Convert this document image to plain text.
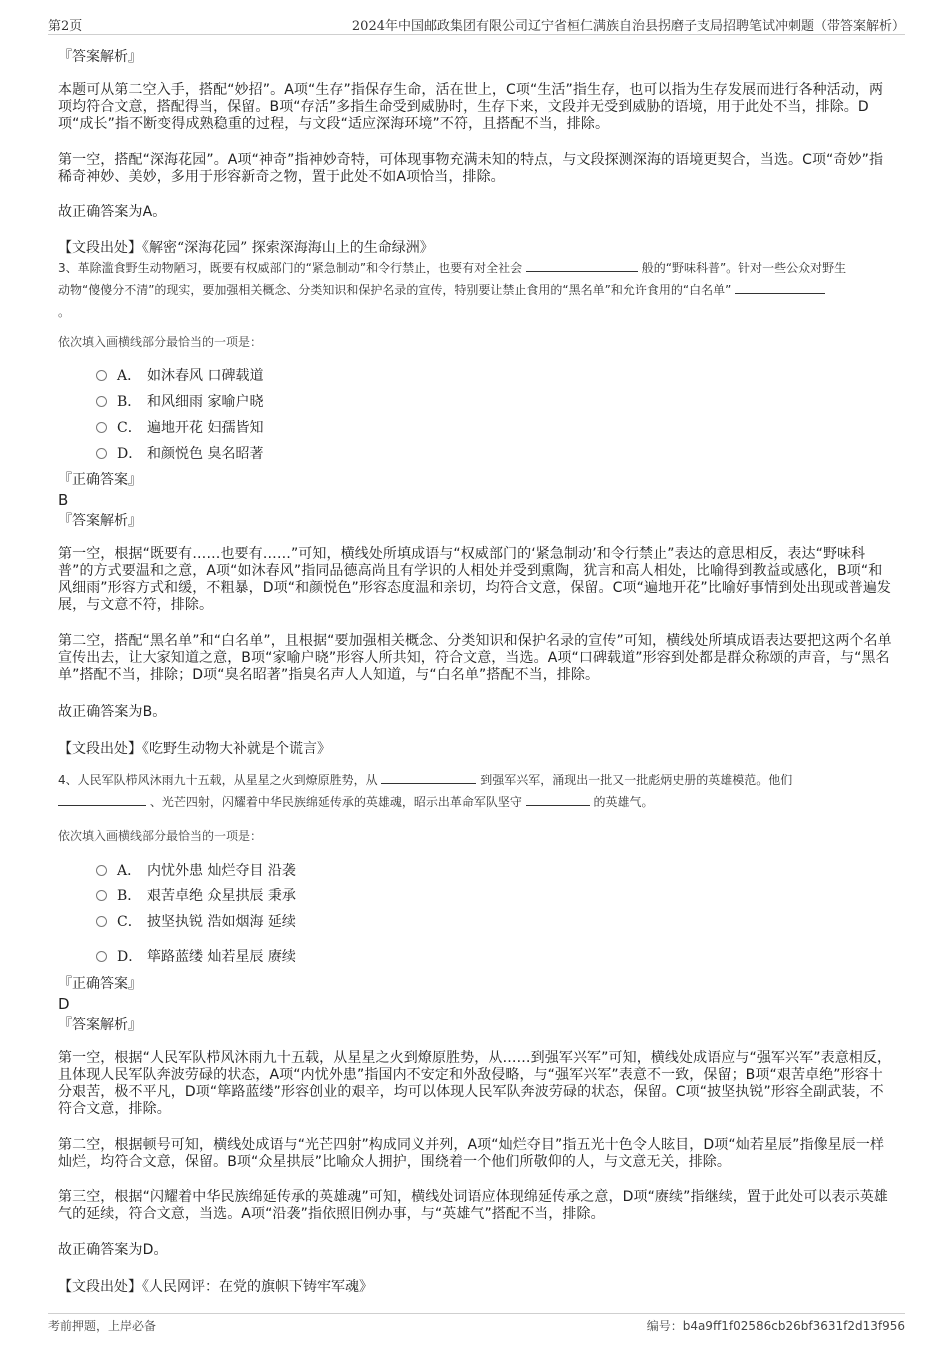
第2页	2024年中国邮政集团有限公司辽宁省桓仁满族自治县拐磨子支局招聘笔试冲刺题（带答案解析）
『答案解析』
本题可从第二空入手，搭配“妙招”。A项“生存”指保存生命，活在世上，C项“生活”指生存，也可以指为生存发展而进行各种活动，两项均符合文意，搭配得当，保留。B项“存活”多指生命受到威胁时，生存下来，文段并无受到威胁的语境，用于此处不当，排除。D项“成长”指不断变得成熟稳重的过程，与文段“适应深海环境”不符，且搭配不当，排除。
第一空，搭配“深海花园”。A项“神奇”指神妙奇特，可体现事物充满未知的特点，与文段探测深海的语境更契合，当选。C项“奇妙”指稀奇神妙、美妙，多用于形容新奇之物，置于此处不如A项恰当，排除。
故正确答案为A。
【文段出处】《解密“深海花园” 探索深海海山上的生命绿洲》
3、革除滥食野生动物陋习，既要有权威部门的“紧急制动”和令行禁止，也要有对全社会	般的“野味科普”。针对一些公众对野生
动物“傻傻分不清”的现实，要加强相关概念、分类知识和保护名录的宣传，特别要让禁止食用的“黑名单”和允许食用的“白名单”
。
依次填入画横线部分最恰当的一项是：
A． 如沐春风 口碑载道
B． 和风细雨 家喻户晓
C． 遍地开花 妇孺皆知
D． 和颜悦色 臭名昭著
『正确答案』
B
『答案解析』
第一空，根据“既要有……也要有……”可知，横线处所填成语与“权威部门的‘紧急制动’和令行禁止”表达的意思相反，表达“野味科普”的方式要温和之意，A项“如沐春风”指同品德高尚且有学识的人相处并受到熏陶，犹言和高人相处，比喻得到教益或感化，B项“和风细雨”形容方式和缓，不粗暴，D项“和颜悦色”形容态度温和亲切，均符合文意，保留。C项“遍地开花”比喻好事情到处出现或普遍发展，与文意不符，排除。
第二空，搭配“黑名单”和“白名单”，且根据“要加强相关概念、分类知识和保护名录的宣传”可知，横线处所填成语表达要把这两个名单宣传出去，让大家知道之意，B项“家喻户晓”形容人所共知，符合文意，当选。A项“口碑载道”形容到处都是群众称颂的声音，与“黑名单”搭配不当，排除；D项“臭名昭著”指臭名声人人知道，与“白名单”搭配不当，排除。
故正确答案为B。
【文段出处】《吃野生动物大补就是个谎言》
4、人民军队栉风沐雨九十五载，从星星之火到燎原胜势，从	到强军兴军，涌现出一批又一批彪炳史册的英雄模范。他们
、光芒四射，闪耀着中华民族绵延传承的英雄魂，昭示出革命军队坚守	的英雄气。
依次填入画横线部分最恰当的一项是：
A． 内忧外患 灿烂夺目 沿袭
B． 艰苦卓绝 众星拱辰 秉承
C． 披坚执锐 浩如烟海 延续
D． 筚路蓝缕 灿若星辰 赓续
『正确答案』
D
『答案解析』
第一空，根据“人民军队栉风沐雨九十五载，从星星之火到燎原胜势，从……到强军兴军”可知，横线处成语应与“强军兴军”表意相反，且体现人民军队奔波劳碌的状态，A项“内忧外患”指国内不安定和外敌侵略，与“强军兴军”表意不一致，保留；B项“艰苦卓绝”形容十分艰苦，极不平凡，D项“筚路蓝缕”形容创业的艰辛，均可以体现人民军队奔波劳碌的状态，保留。C项“披坚执锐”形容全副武装，不符合文意，排除。
第二空，根据顿号可知，横线处成语与“光芒四射”构成同义并列，A项“灿烂夺目”指五光十色令人眩目，D项“灿若星辰”指像星辰一样灿烂，均符合文意，保留。B项“众星拱辰”比喻众人拥护，围绕着一个他们所敬仰的人，与文意无关，排除。
第三空，根据“闪耀着中华民族绵延传承的英雄魂”可知，横线处词语应体现绵延传承之意，D项“赓续”指继续，置于此处可以表示英雄气的延续，符合文意，当选。A项“沿袭”指依照旧例办事，与“英雄气”搭配不当，排除。
故正确答案为D。
【文段出处】《人民网评：在党的旗帜下铸牢军魂》
考前押题，上岸必备	编号：b4a9ff1f02586cb26bf3631f2d13f956
